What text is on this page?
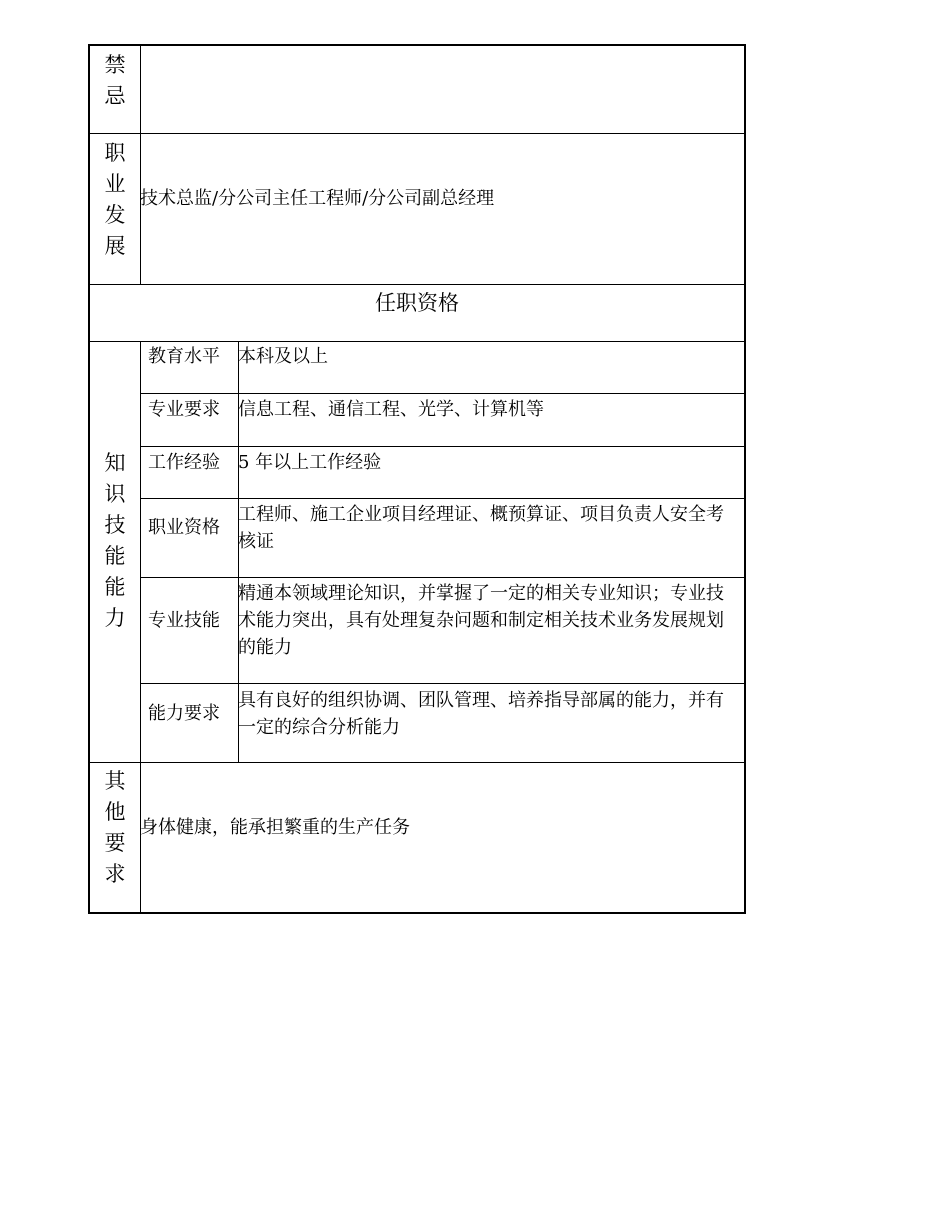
禁忌
职业发展
技术总监/分公司主任工程师/分公司副总经理
任职资格
知识技能能力
教育水平 本科及以上
专业要求 信息工程、通信工程、光学、计算机等
工作经验 5 年以上工作经验
职业资格
工程师、施工企业项目经理证、概预算证、项目负责人安全考核证
专业技能
精通本领域理论知识，并掌握了一定的相关专业知识；专业技术能力突出，具有处理复杂问题和制定相关技术业务发展规划的能力
能力要求
具有良好的组织协调、团队管理、培养指导部属的能力，并有一定的综合分析能力
其他要求
身体健康，能承担繁重的生产任务
